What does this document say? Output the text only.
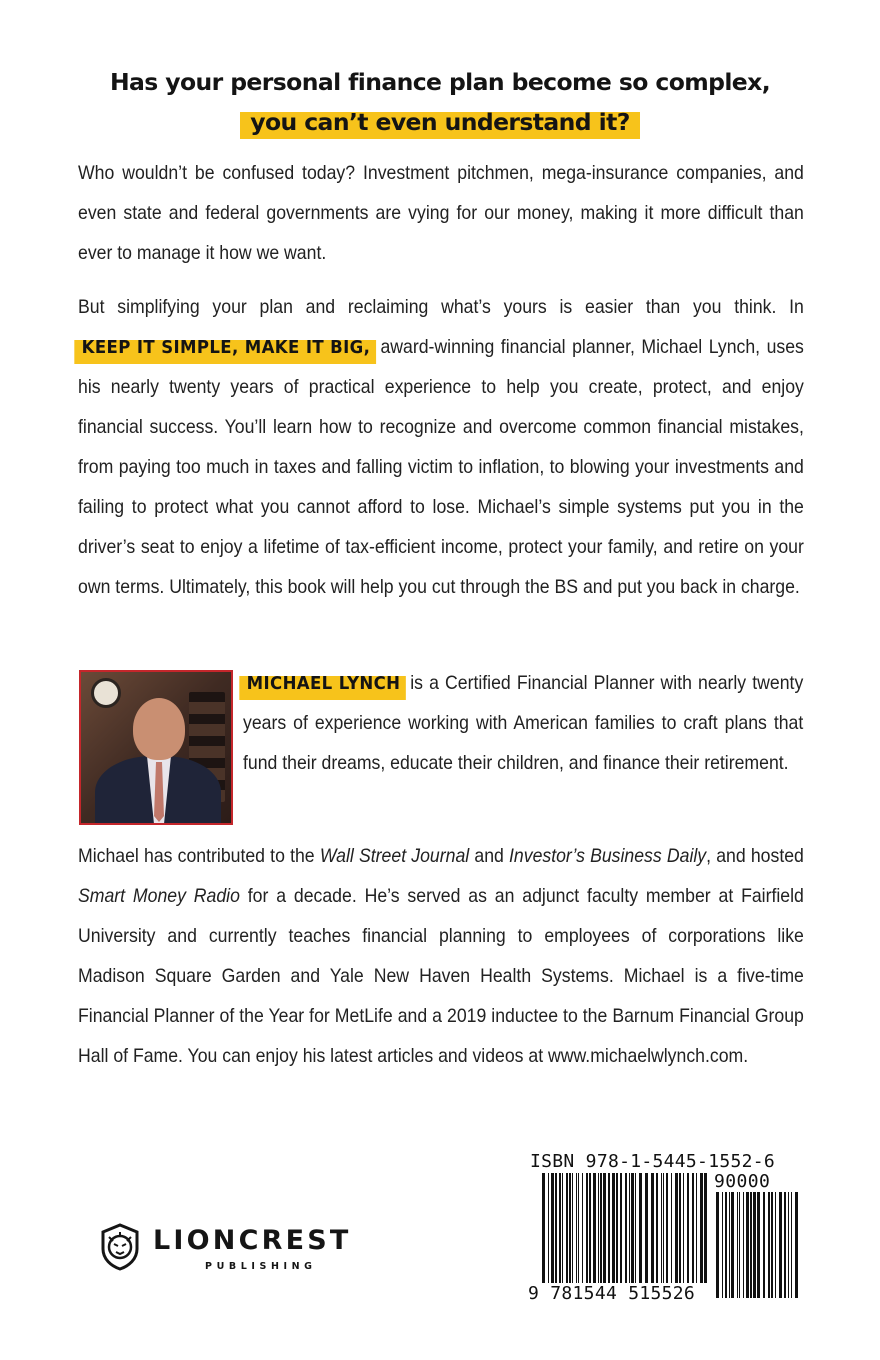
Has your personal finance plan become so complex,
you can’t even understand it?
Who wouldn’t be confused today? Investment pitchmen, mega-insurance companies, and even state and federal governments are vying for our money, making it more difficult than ever to manage it how we want.
But simplifying your plan and reclaiming what’s yours is easier than you think. In
KEEP IT SIMPLE, MAKE IT BIG, award-winning financial planner, Michael Lynch, uses his nearly twenty years of practical experience to help you create, protect, and enjoy financial success. You’ll learn how to recognize and overcome common financial mistakes, from paying too much in taxes and falling victim to inflation, to blowing your investments and failing to protect what you cannot afford to lose. Michael’s simple systems put you in the driver’s seat to enjoy a lifetime of tax-efficient income, protect your family, and retire on your own terms. Ultimately, this book will help you cut through the BS and put you back in charge.
MICHAEL LYNCH is a Certified Financial Planner with nearly twenty years of experience working with American families to craft plans that fund their dreams, educate their children, and finance their retirement.
Michael has contributed to the Wall Street Journal and Investor’s Business Daily, and hosted Smart Money Radio for a decade. He’s served as an adjunct faculty member at Fairfield University and currently teaches financial planning to employees of corporations like Madison Square Garden and Yale New Haven Health Systems. Michael is a five-time Financial Planner of the Year for MetLife and a 2019 inductee to the Barnum Financial Group Hall of Fame. You can enjoy his latest articles and videos at www.michaelwlynch.com.
LIONCREST
PUBLISHING
ISBN 978-1-5445-1552-6
90000
9 781544 515526
